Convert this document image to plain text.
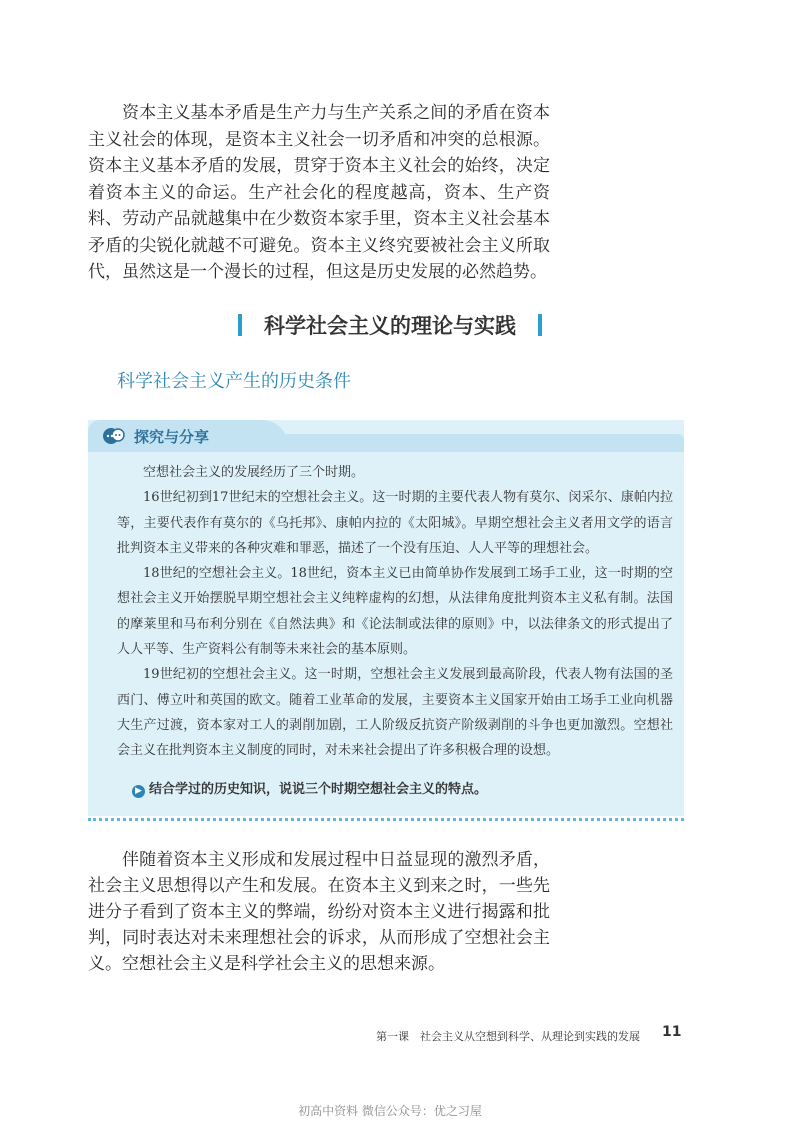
资本主义基本矛盾是生产力与生产关系之间的矛盾在资本主义社会的体现，是资本主义社会一切矛盾和冲突的总根源。资本主义基本矛盾的发展，贯穿于资本主义社会的始终，决定着资本主义的命运。生产社会化的程度越高，资本、生产资料、劳动产品就越集中在少数资本家手里，资本主义社会基本矛盾的尖锐化就越不可避免。资本主义终究要被社会主义所取代，虽然这是一个漫长的过程，但这是历史发展的必然趋势。

科学社会主义的理论与实践
科学社会主义产生的历史条件
探究与分享

空想社会主义的发展经历了三个时期。

16世纪初到17世纪末的空想社会主义。这一时期的主要代表人物有莫尔、闵采尔、康帕内拉等，主要代表作有莫尔的《乌托邦》、康帕内拉的《太阳城》。早期空想社会主义者用文学的语言批判资本主义带来的各种灾难和罪恶，描述了一个没有压迫、人人平等的理想社会。

18世纪的空想社会主义。18世纪，资本主义已由简单协作发展到工场手工业，这一时期的空想社会主义开始摆脱早期空想社会主义纯粹虚构的幻想，从法律角度批判资本主义私有制。法国的摩莱里和马布利分别在《自然法典》和《论法制或法律的原则》中，以法律条文的形式提出了人人平等、生产资料公有制等未来社会的基本原则。

19世纪初的空想社会主义。这一时期，空想社会主义发展到最高阶段，代表人物有法国的圣西门、傅立叶和英国的欧文。随着工业革命的发展，主要资本主义国家开始由工场手工业向机器大生产过渡，资本家对工人的剥削加剧，工人阶级反抗资产阶级剥削的斗争也更加激烈。空想社会主义在批判资本主义制度的同时，对未来社会提出了许多积极合理的设想。

▶ 结合学过的历史知识，说说三个时期空想社会主义的特点。

伴随着资本主义形成和发展过程中日益显现的激烈矛盾，社会主义思想得以产生和发展。在资本主义到来之时，一些先进分子看到了资本主义的弊端，纷纷对资本主义进行揭露和批判，同时表达对未来理想社会的诉求，从而形成了空想社会主义。空想社会主义是科学社会主义的思想来源。

第一课　社会主义从空想到科学、从理论到实践的发展 11
初高中资料 微信公众号：优之习屋
